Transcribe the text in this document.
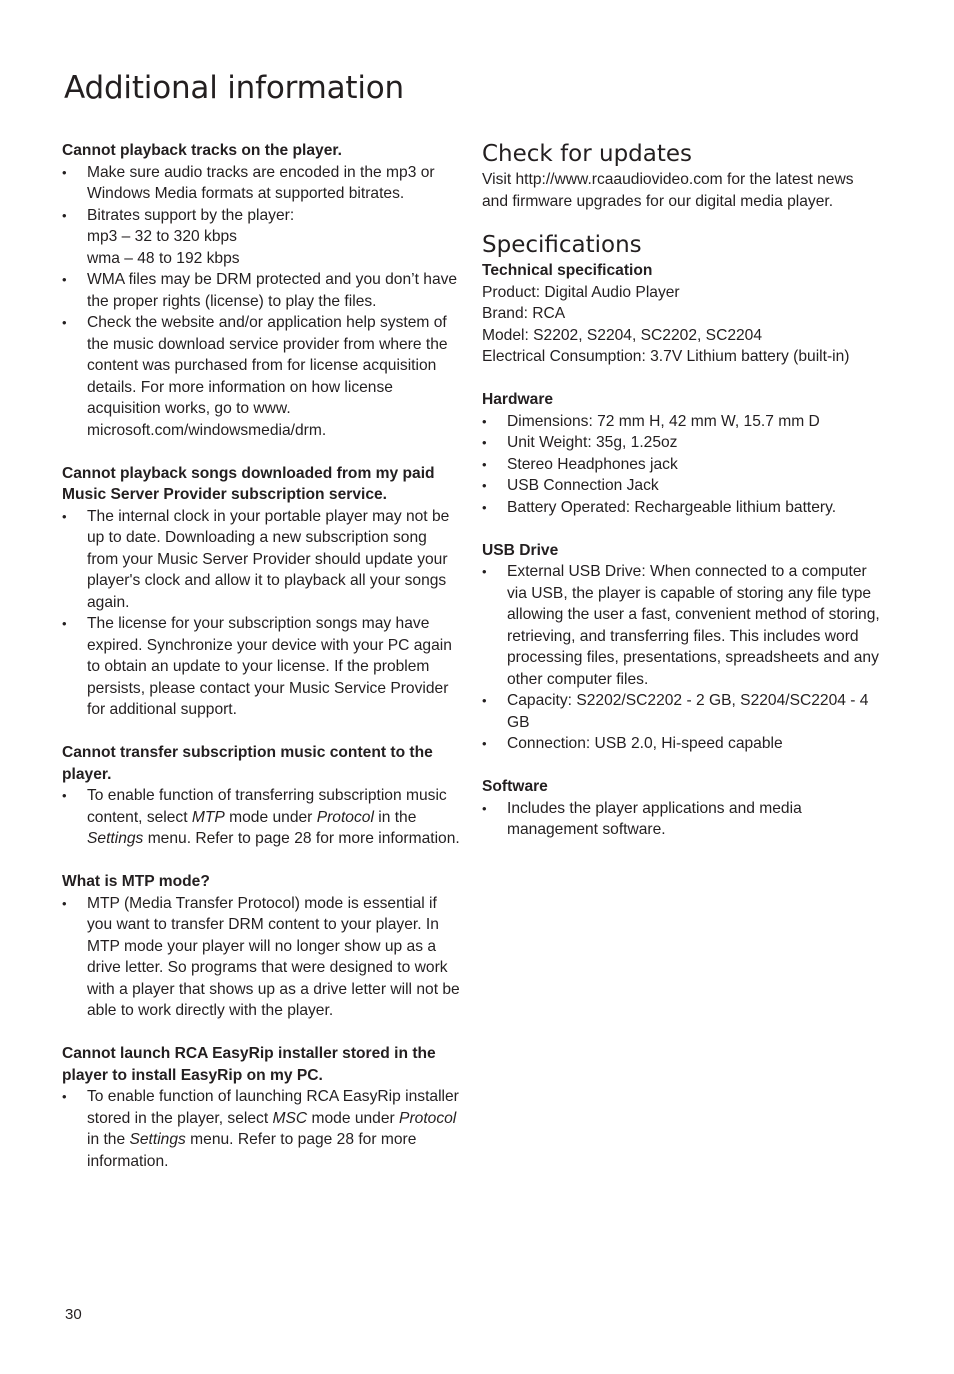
Additional information

Cannot playback tracks on the player.

• Make sure audio tracks are encoded in the mp3 or Windows Media formats at supported bitrates.
• Bitrates support by the player:
mp3 – 32 to 320 kbps
wma – 48 to 192 kbps
• WMA files may be DRM protected and you don’t have the proper rights (license) to play the files.
• Check the website and/or application help system of the music download service provider from where the content was purchased from for license acquisition details. For more information on how license acquisition works, go to www. microsoft.com/windowsmedia/drm.

Cannot playback songs downloaded from my paid Music Server Provider subscription service.

• The internal clock in your portable player may not be up to date. Downloading a new subscription song from your Music Server Provider should update your player's clock and allow it to playback all your songs again.
• The license for your subscription songs may have expired. Synchronize your device with your PC again to obtain an update to your license. If the problem persists, please contact your Music Service Provider for additional support.

Cannot transfer subscription music content to the player.

• To enable function of transferring subscription music content, select MTP mode under Protocol in the Settings menu. Refer to page 28 for more information.

What is MTP mode?

• MTP (Media Transfer Protocol) mode is essential if you want to transfer DRM content to your player. In MTP mode your player will no longer show up as a drive letter. So programs that were designed to work with a player that shows up as a drive letter will not be able to work directly with the player.

Cannot launch RCA EasyRip installer stored in the player to install EasyRip on my PC.

• To enable function of launching RCA EasyRip installer stored in the player, select MSC mode under Protocol in the Settings menu. Refer to page 28 for more information.
Check for updates

Visit http://www.rcaaudiovideo.com for the latest news and firmware upgrades for our digital media player.

Specifications

Technical specification

Product: Digital Audio Player

Brand: RCA

Model: S2202, S2204, SC2202, SC2204

Electrical Consumption: 3.7V Lithium battery (built-in)

Hardware

• Dimensions: 72 mm H, 42 mm W, 15.7 mm D
• Unit Weight: 35g, 1.25oz
• Stereo Headphones jack
• USB Connection Jack
• Battery Operated: Rechargeable lithium battery.

USB Drive

• External USB Drive: When connected to a computer via USB, the player is capable of storing any file type allowing the user a fast, convenient method of storing, retrieving, and transferring files. This includes word processing files, presentations, spreadsheets and any other computer files.
• Capacity: S2202/SC2202 - 2 GB, S2204/SC2204 - 4 GB
• Connection: USB 2.0, Hi-speed capable

Software

• Includes the player applications and media management software.
30
